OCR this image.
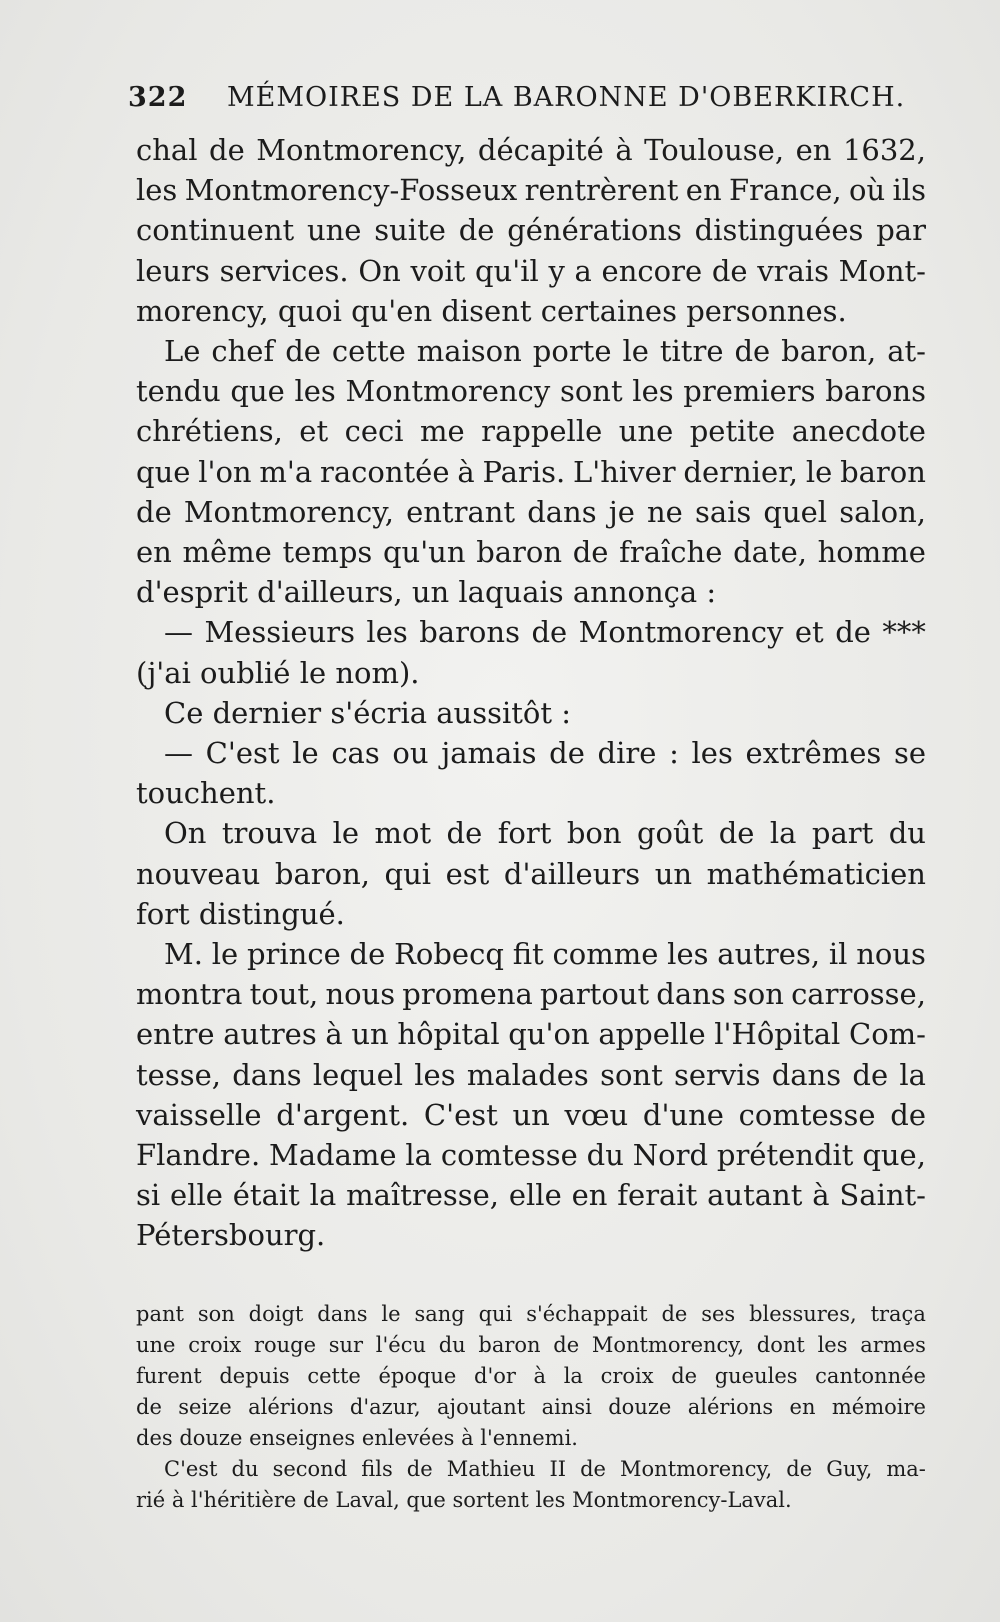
322 MÉMOIRES DE LA BARONNE D'OBERKIRCH.
chal de Montmorency, décapité à Toulouse, en 1632,
les Montmorency-Fosseux rentrèrent en France, où ils
continuent une suite de générations distinguées par
leurs services. On voit qu'il y a encore de vrais Mont-
morency, quoi qu'en disent certaines personnes.
Le chef de cette maison porte le titre de baron, at-
tendu que les Montmorency sont les premiers barons
chrétiens, et ceci me rappelle une petite anecdote
que l'on m'a racontée à Paris. L'hiver dernier, le baron
de Montmorency, entrant dans je ne sais quel salon,
en même temps qu'un baron de fraîche date, homme
d'esprit d'ailleurs, un laquais annonça :
— Messieurs les barons de Montmorency et de ***
(j'ai oublié le nom).
Ce dernier s'écria aussitôt :
— C'est le cas ou jamais de dire : les extrêmes se
touchent.
On trouva le mot de fort bon goût de la part du
nouveau baron, qui est d'ailleurs un mathématicien
fort distingué.
M. le prince de Robecq fit comme les autres, il nous
montra tout, nous promena partout dans son carrosse,
entre autres à un hôpital qu'on appelle l'Hôpital Com-
tesse, dans lequel les malades sont servis dans de la
vaisselle d'argent. C'est un vœu d'une comtesse de
Flandre. Madame la comtesse du Nord prétendit que,
si elle était la maîtresse, elle en ferait autant à Saint-
Pétersbourg.
pant son doigt dans le sang qui s'échappait de ses blessures, traça
une croix rouge sur l'écu du baron de Montmorency, dont les armes
furent depuis cette époque d'or à la croix de gueules cantonnée
de seize alérions d'azur, ajoutant ainsi douze alérions en mémoire
des douze enseignes enlevées à l'ennemi.
C'est du second fils de Mathieu II de Montmorency, de Guy, ma-
rié à l'héritière de Laval, que sortent les Montmorency-Laval.
